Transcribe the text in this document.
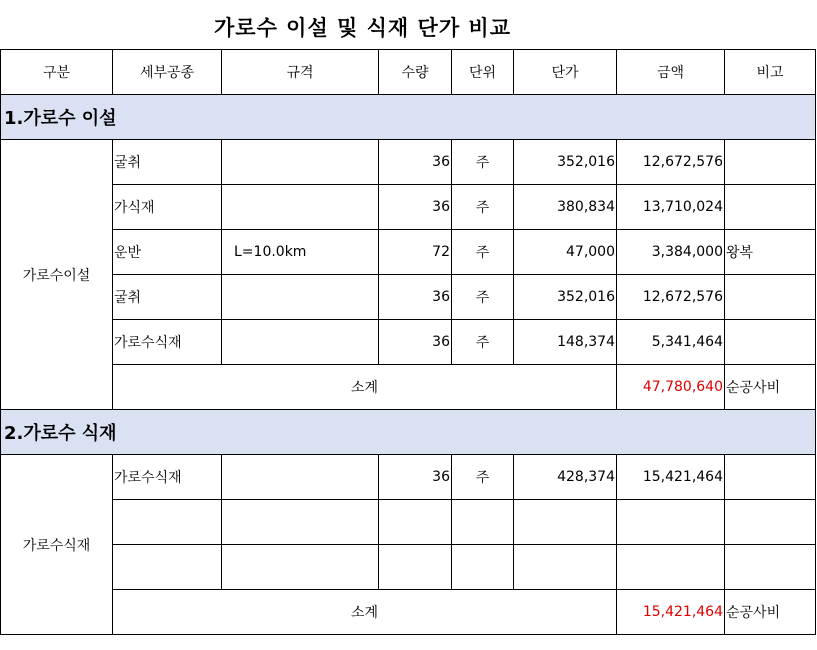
가로수 이설 및 식재 단가 비교
구분	세부공종	규격	수량	단위	단가	금액	비고
1.가로수 이설							
가로수이설	굴취		36	주	352,016	12,672,576	
	가식재		36	주	380,834	13,710,024	
	운반	L=10.0km	72	주	47,000	3,384,000	왕복
	굴취		36	주	352,016	12,672,576	
	가로수식재		36	주	148,374	5,341,464	
	소계					47,780,640	순공사비
2.가로수 식재							
가로수식재	가로수식재		36	주	428,374	15,421,464	

	소계					15,421,464	순공사비
